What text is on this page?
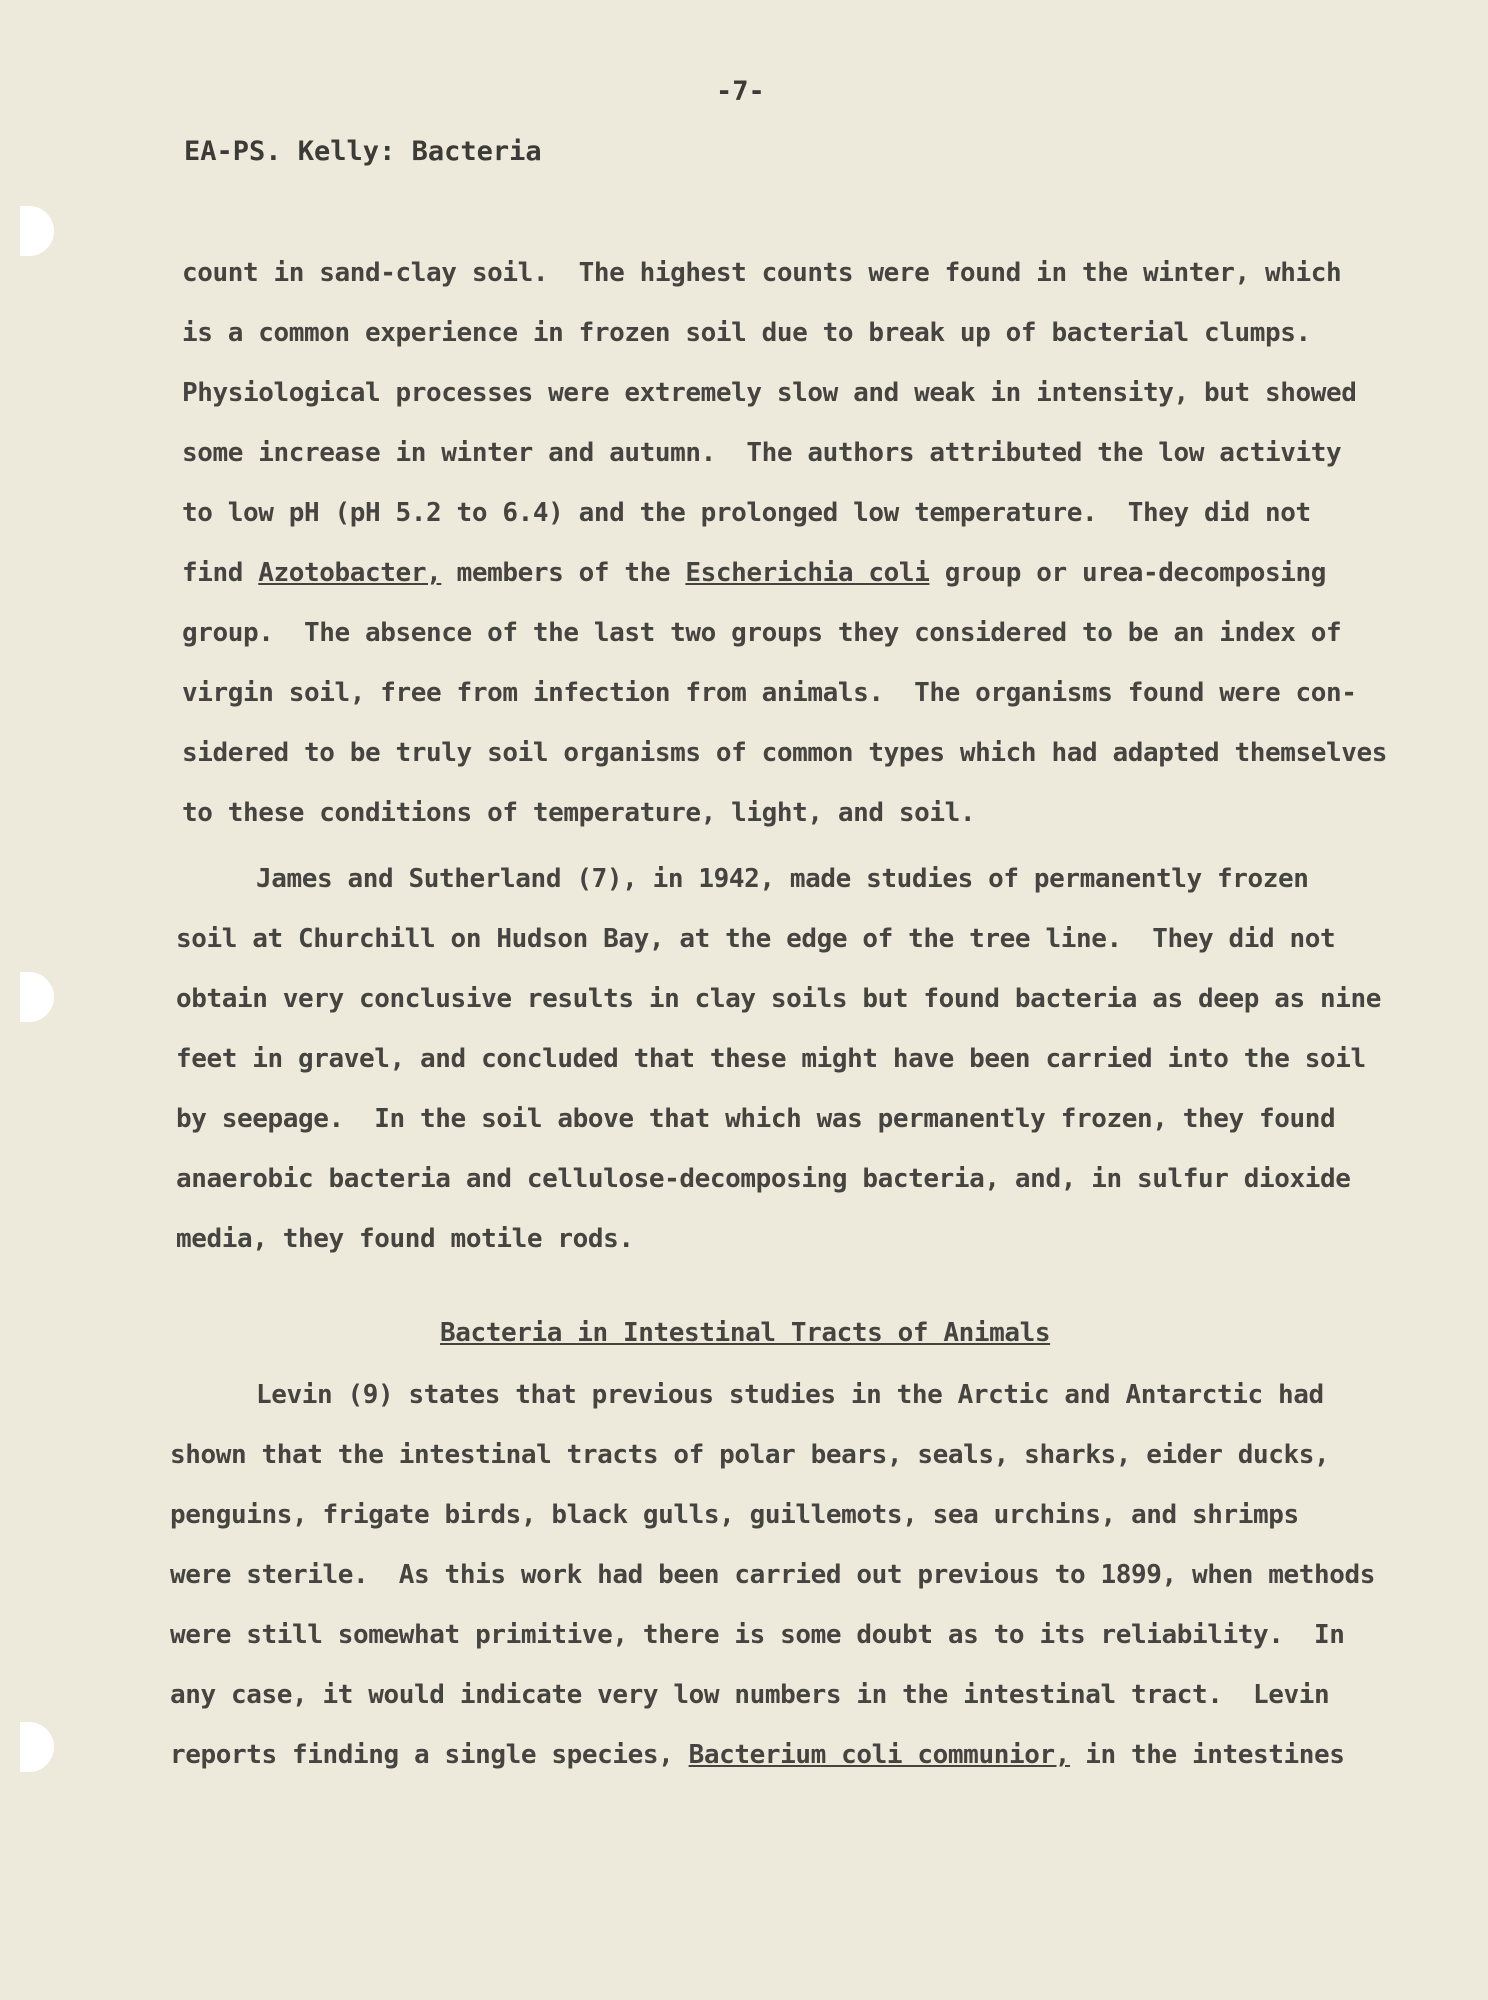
-7-
EA-PS. Kelly: Bacteria
count in sand-clay soil.  The highest counts were found in the winter, which
is a common experience in frozen soil due to break up of bacterial clumps.
Physiological processes were extremely slow and weak in intensity, but showed
some increase in winter and autumn.  The authors attributed the low activity
to low pH (pH 5.2 to 6.4) and the prolonged low temperature.  They did not
find Azotobacter, members of the Escherichia coli group or urea-decomposing
group.  The absence of the last two groups they considered to be an index of
virgin soil, free from infection from animals.  The organisms found were con-
sidered to be truly soil organisms of common types which had adapted themselves
to these conditions of temperature, light, and soil.
James and Sutherland (7), in 1942, made studies of permanently frozen
soil at Churchill on Hudson Bay, at the edge of the tree line.  They did not
obtain very conclusive results in clay soils but found bacteria as deep as nine
feet in gravel, and concluded that these might have been carried into the soil
by seepage.  In the soil above that which was permanently frozen, they found
anaerobic bacteria and cellulose-decomposing bacteria, and, in sulfur dioxide
media, they found motile rods.
Bacteria in Intestinal Tracts of Animals
Levin (9) states that previous studies in the Arctic and Antarctic had
shown that the intestinal tracts of polar bears, seals, sharks, eider ducks,
penguins, frigate birds, black gulls, guillemots, sea urchins, and shrimps
were sterile.  As this work had been carried out previous to 1899, when methods
were still somewhat primitive, there is some doubt as to its reliability.  In
any case, it would indicate very low numbers in the intestinal tract.  Levin
reports finding a single species, Bacterium coli communior, in the intestines
